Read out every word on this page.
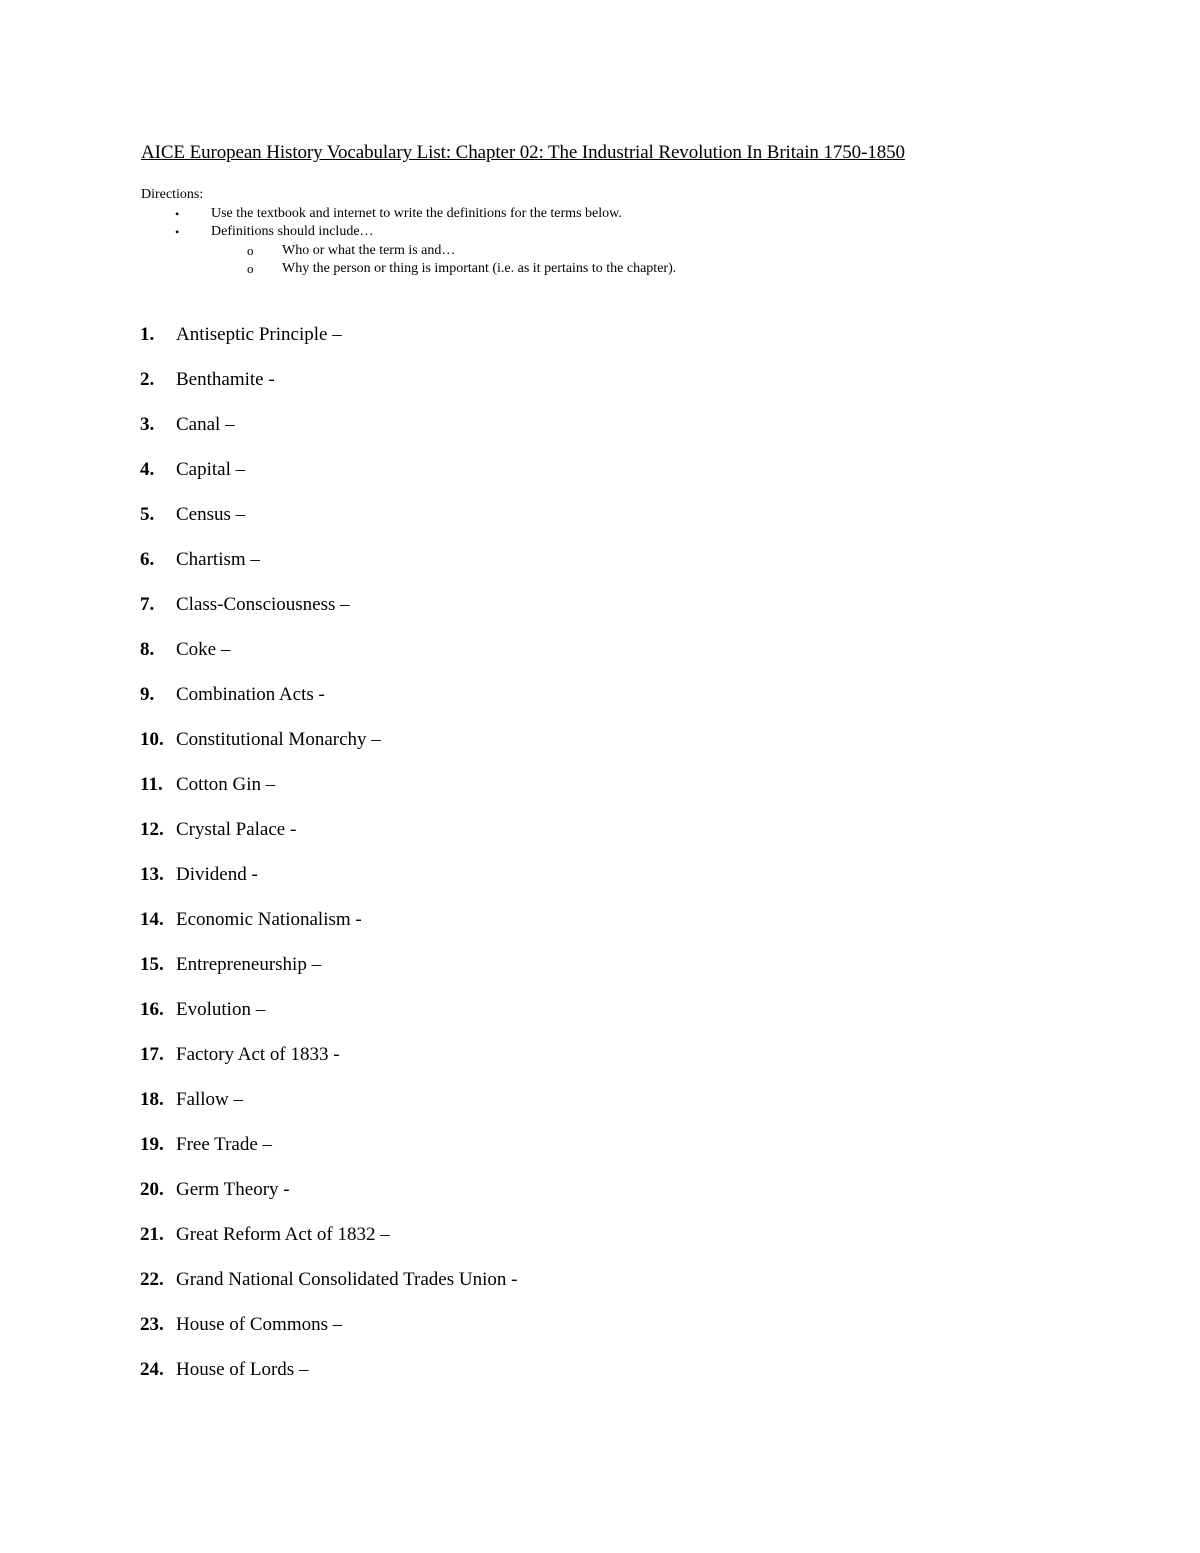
AICE European History Vocabulary List: Chapter 02: The Industrial Revolution In Britain 1750-1850
Directions:
• Use the textbook and internet to write the definitions for the terms below.
• Definitions should include…
o Who or what the term is and…
o Why the person or thing is important (i.e. as it pertains to the chapter).
1. Antiseptic Principle –
2. Benthamite -
3. Canal –
4. Capital –
5. Census –
6. Chartism –
7. Class-Consciousness –
8. Coke –
9. Combination Acts -
10. Constitutional Monarchy –
11. Cotton Gin –
12. Crystal Palace -
13. Dividend -
14. Economic Nationalism -
15. Entrepreneurship –
16. Evolution –
17. Factory Act of 1833 -
18. Fallow –
19. Free Trade –
20. Germ Theory -
21. Great Reform Act of 1832 –
22. Grand National Consolidated Trades Union -
23. House of Commons –
24. House of Lords –
